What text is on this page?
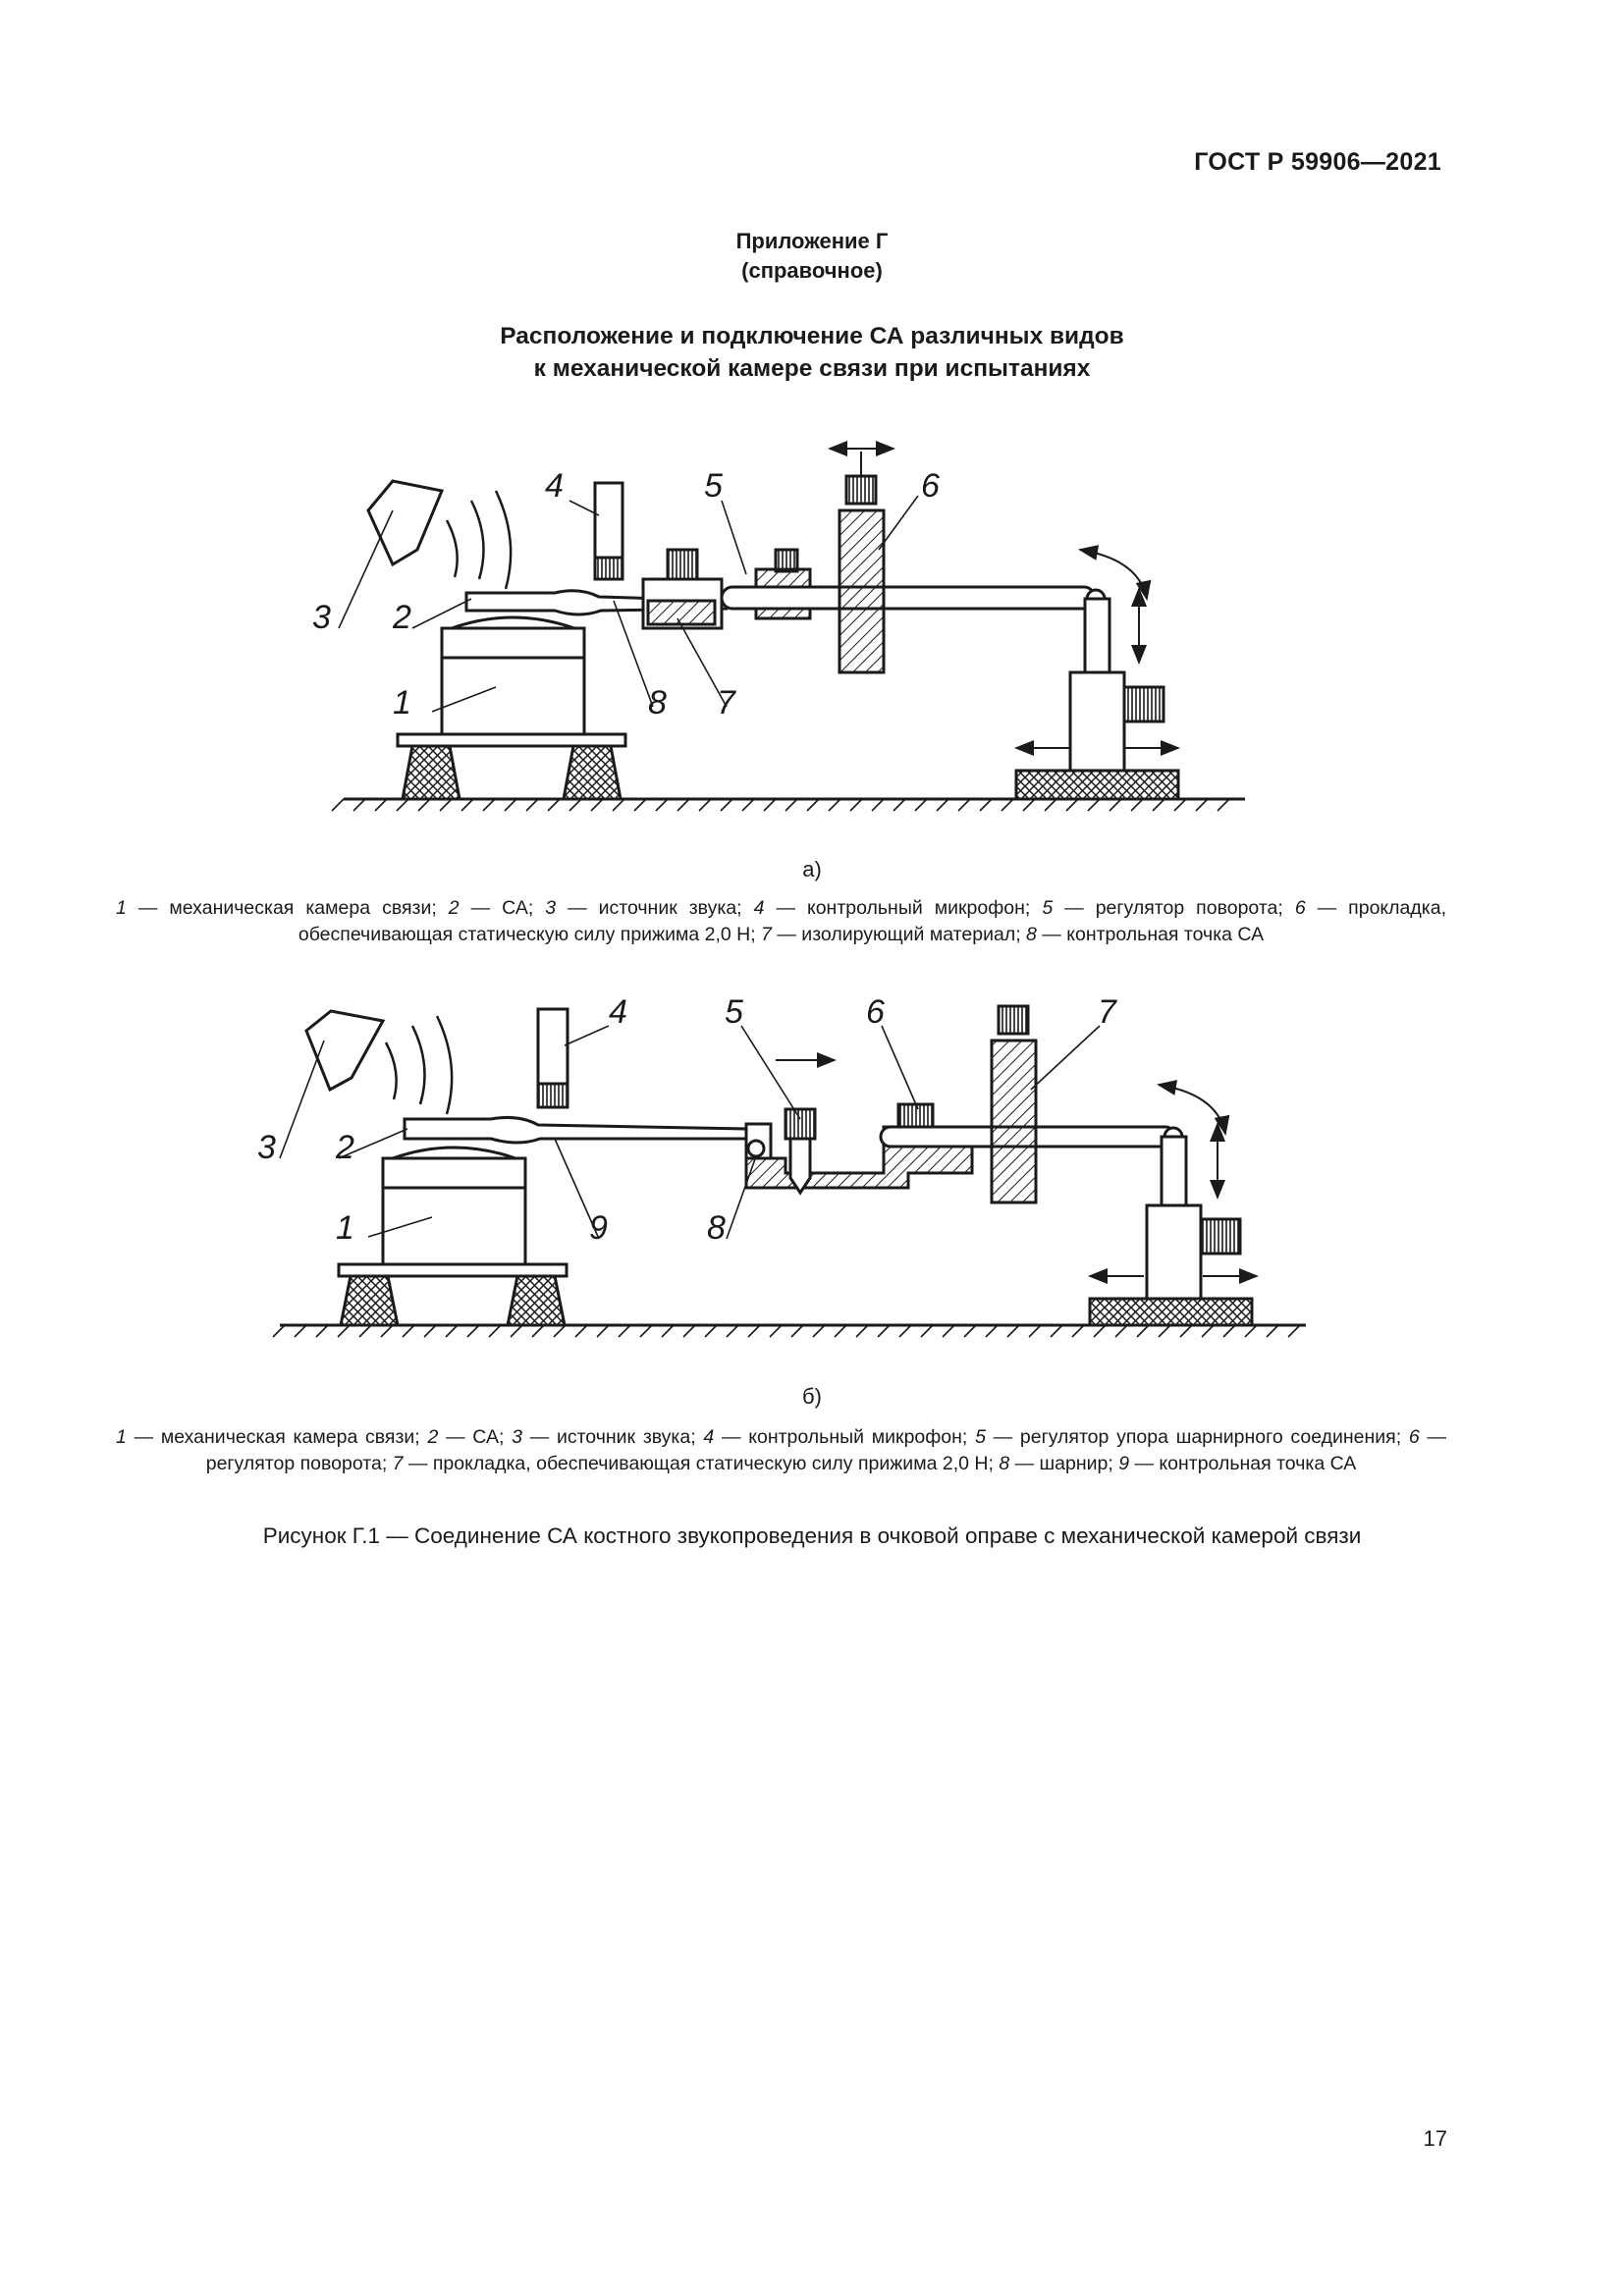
ГОСТ Р 59906—2021
Приложение Г
(справочное)
Расположение и подключение СА различных видов
к механической камере связи при испытаниях
1
2
3
4	5	6
8 7
1
2
3
4	5	6	7
8
9
а)
1 — механическая камера связи; 2 — СА; 3 — источник звука; 4 — контрольный микрофон; 5 — регулятор поворота; 6 — прокладка, обеспечивающая статическую силу прижима 2,0 Н; 7 — изолирующий материал; 8 — контрольная точка СА
б)
1 — механическая камера связи; 2 — СА; 3 — источник звука; 4 — контрольный микрофон; 5 — регулятор упора шарнирного соединения; 6 — регулятор поворота; 7 — прокладка, обеспечивающая статическую силу прижима 2,0 Н; 8 — шарнир; 9 — контрольная точка СА
Рисунок Г.1 — Соединение СА костного звукопроведения в очковой оправе с механической камерой связи
17
